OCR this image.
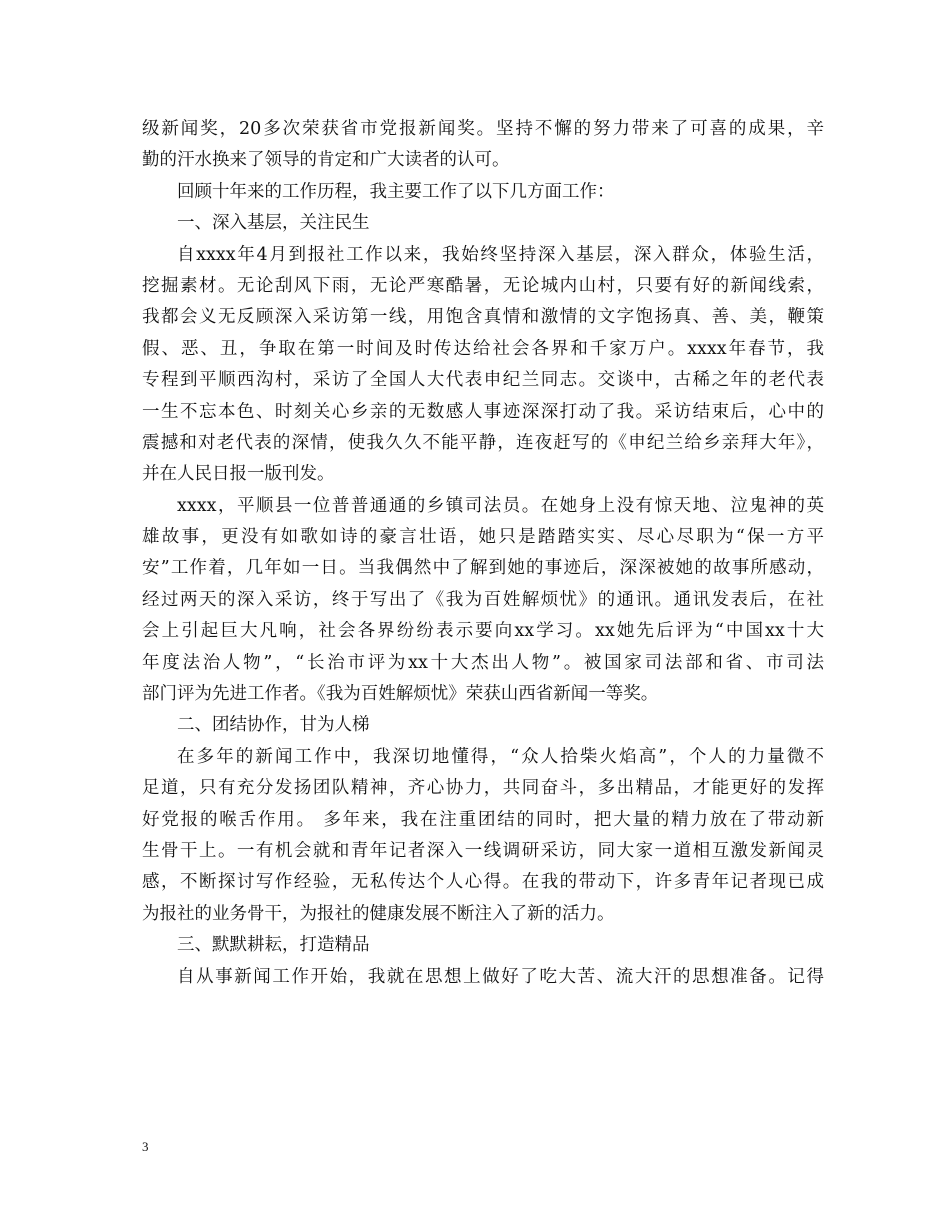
级新闻奖，20多次荣获省市党报新闻奖。坚持不懈的努力带来了可喜的成果，辛
勤的汗水换来了领导的肯定和广大读者的认可。
回顾十年来的工作历程，我主要工作了以下几方面工作：
一、深入基层，关注民生
自xxxx年4月到报社工作以来，我始终坚持深入基层，深入群众，体验生活，
挖掘素材。无论刮风下雨，无论严寒酷暑，无论城内山村，只要有好的新闻线索，
我都会义无反顾深入采访第一线，用饱含真情和激情的文字饱扬真、善、美，鞭策
假、恶、丑，争取在第一时间及时传达给社会各界和千家万户。xxxx年春节，我
专程到平顺西沟村，采访了全国人大代表申纪兰同志。交谈中，古稀之年的老代表
一生不忘本色、时刻关心乡亲的无数感人事迹深深打动了我。采访结束后，心中的
震撼和对老代表的深情，使我久久不能平静，连夜赶写的《申纪兰给乡亲拜大年》，
并在人民日报一版刊发。
xxxx，平顺县一位普普通通的乡镇司法员。在她身上没有惊天地、泣鬼神的英
雄故事，更没有如歌如诗的豪言壮语，她只是踏踏实实、尽心尽职为“保一方平
安”工作着，几年如一日。当我偶然中了解到她的事迹后，深深被她的故事所感动，
经过两天的深入采访，终于写出了《我为百姓解烦忧》的通讯。通讯发表后，在社
会上引起巨大凡响，社会各界纷纷表示要向xx学习。xx她先后评为“中国xx十大
年度法治人物”，“长治市评为xx十大杰出人物”。被国家司法部和省、市司法
部门评为先进工作者。《我为百姓解烦忧》荣获山西省新闻一等奖。
二、团结协作，甘为人梯
在多年的新闻工作中，我深切地懂得，“众人拾柴火焰高”，个人的力量微不
足道，只有充分发扬团队精神，齐心协力，共同奋斗，多出精品，才能更好的发挥
好党报的喉舌作用。 多年来，我在注重团结的同时，把大量的精力放在了带动新
生骨干上。一有机会就和青年记者深入一线调研采访，同大家一道相互激发新闻灵
感，不断探讨写作经验，无私传达个人心得。在我的带动下，许多青年记者现已成
为报社的业务骨干，为报社的健康发展不断注入了新的活力。
三、默默耕耘，打造精品
自从事新闻工作开始，我就在思想上做好了吃大苦、流大汗的思想准备。记得
3
